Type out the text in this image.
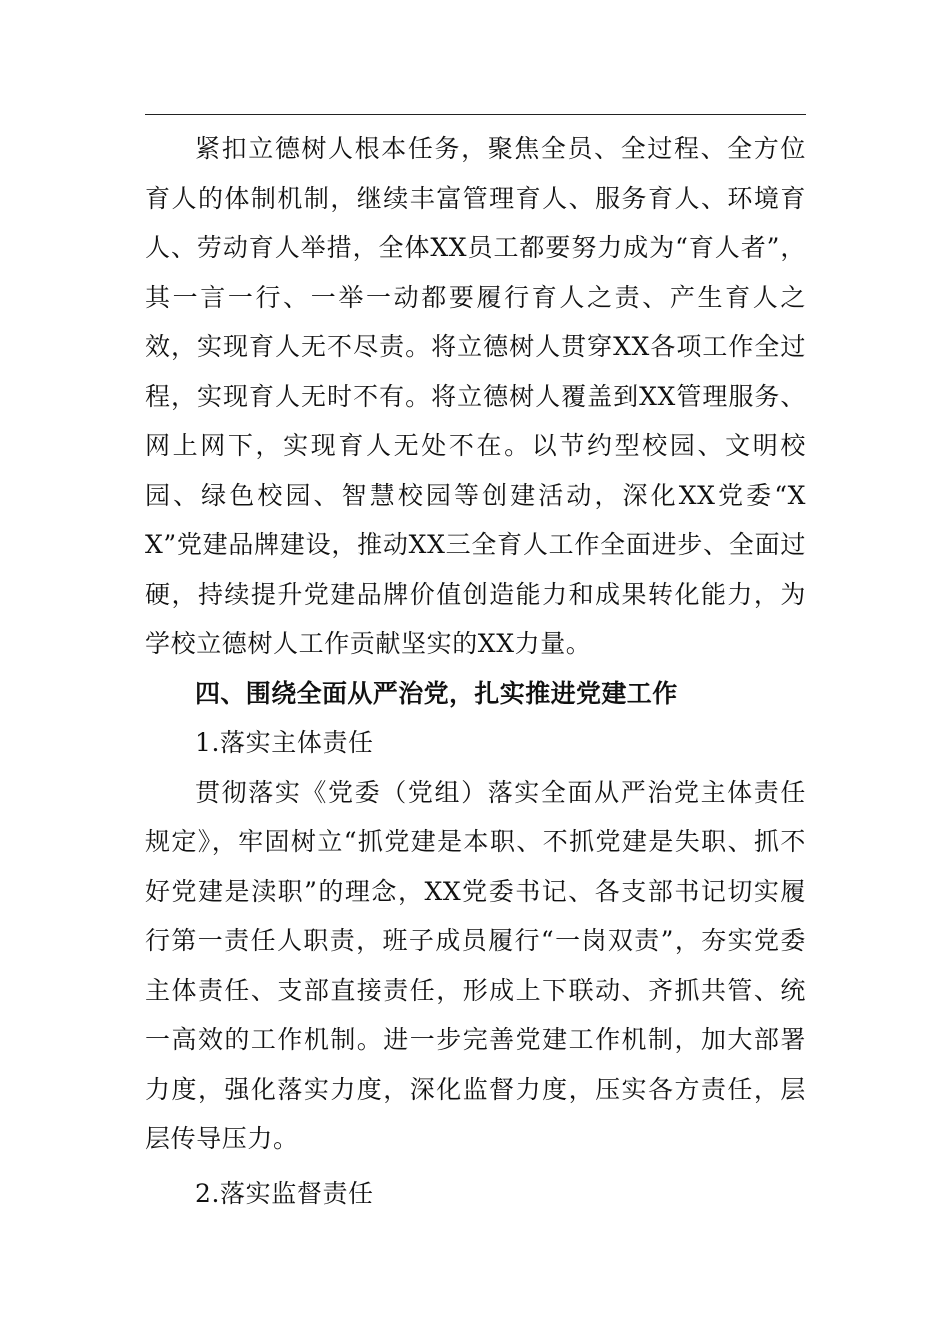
紧扣立德树人根本任务，聚焦全员、全过程、全方位育人的体制机制，继续丰富管理育人、服务育人、环境育人、劳动育人举措，全体XX员工都要努力成为“育人者”，其一言一行、一举一动都要履行育人之责、产生育人之效，实现育人无不尽责。将立德树人贯穿XX各项工作全过程，实现育人无时不有。将立德树人覆盖到XX管理服务、网上网下，实现育人无处不在。以节约型校园、文明校园、绿色校园、智慧校园等创建活动，深化XX党委“XX”党建品牌建设，推动XX三全育人工作全面进步、全面过硬，持续提升党建品牌价值创造能力和成果转化能力，为学校立德树人工作贡献坚实的XX力量。

四、围绕全面从严治党，扎实推进党建工作

1.落实主体责任

贯彻落实《党委（党组）落实全面从严治党主体责任规定》，牢固树立“抓党建是本职、不抓党建是失职、抓不好党建是渎职”的理念，XX党委书记、各支部书记切实履行第一责任人职责，班子成员履行“一岗双责”，夯实党委主体责任、支部直接责任，形成上下联动、齐抓共管、统一高效的工作机制。进一步完善党建工作机制，加大部署力度，强化落实力度，深化监督力度，压实各方责任，层层传导压力。

2.落实监督责任
